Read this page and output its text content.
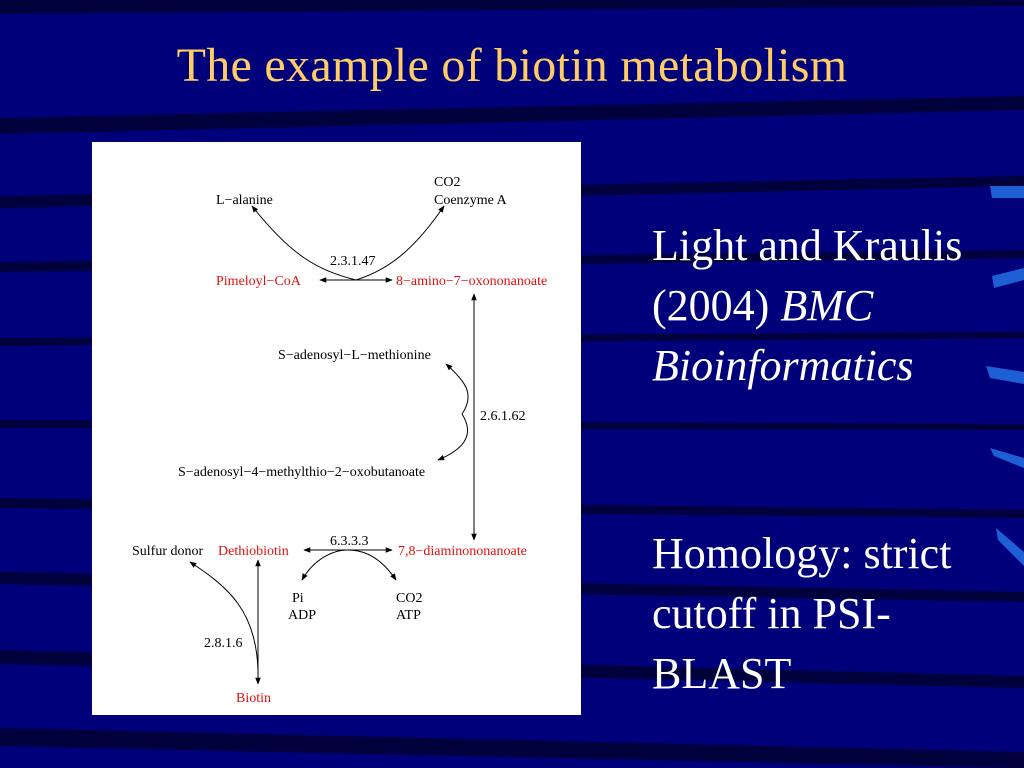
The example of biotin metabolism
L−alanine
CO2
Coenzyme A
Pimeloyl−CoA	8−amino−7−oxononanoate
S−adenosyl−L−methionine
S−adenosyl−4−methylthio−2−oxobutanoate
Sulfur donor Dethiobiotin	7,8−diaminononanoate
Pi
ADP
CO2
ATP
Biotin
2.3.1.47
2.6.1.62
6.3.3.3
2.8.1.6
Light and Kraulis
(2004) BMC
Bioinformatics
Homology: strict
cutoff in PSI-
BLAST
